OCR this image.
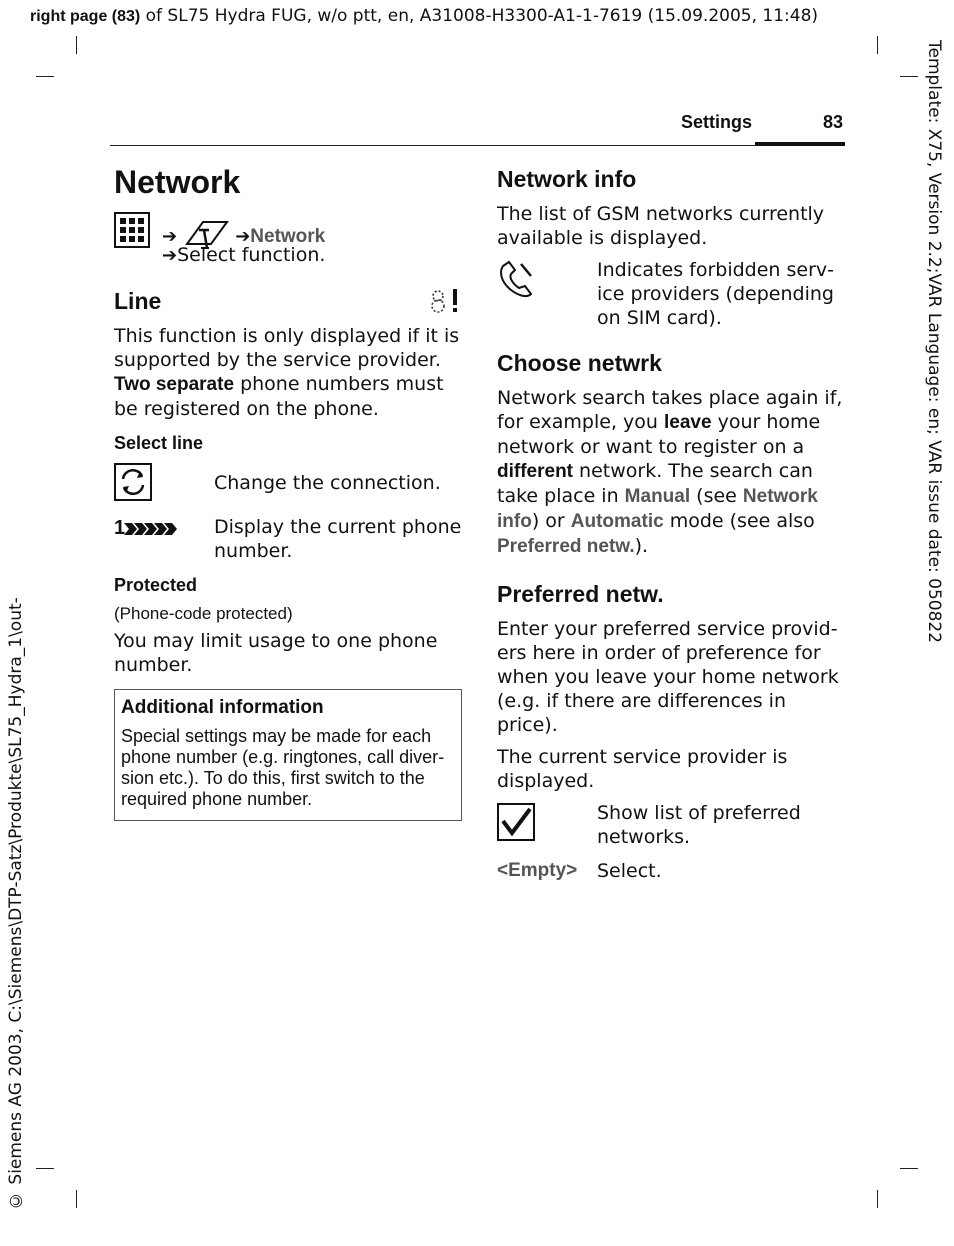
right page (83) of SL75 Hydra FUG, w/o ptt, en, A31008-H3300-A1-1-7619 (15.09.2005, 11:48)
Template: X75, Version 2.2;VAR Language: en; VAR issue date: 050822
© Siemens AG 2003, C:\Siemens\DTP-Satz\Produkte\SL75_Hydra_1\out-
Settings	83
Network
➔	➔Network
➔Select function.
Line

This function is only displayed if it is supported by the service provider.

Two separate phone numbers must be registered on the phone.

Select line

Change the connection.

1	Display the current phone number.

Protected
(Phone-code protected)

You may limit usage to one phone number.

Additional information

Special settings may be made for each phone number (e.g. ringtones, call diversion etc.). To do this, first switch to the required phone number.

Network info

The list of GSM networks currently available is displayed.

Indicates forbidden service providers (depending on SIM card).

Choose netwrk

Network search takes place again if, for example, you leave your home network or want to register on a different network. The search can take place in Manual (see Network info) or Automatic mode (see also Preferred netw.).

Preferred netw.

Enter your preferred service providers here in order of preference for when you leave your home network (e.g. if there are differences in price).

The current service provider is displayed.

Show list of preferred networks.

<Empty> Select.
